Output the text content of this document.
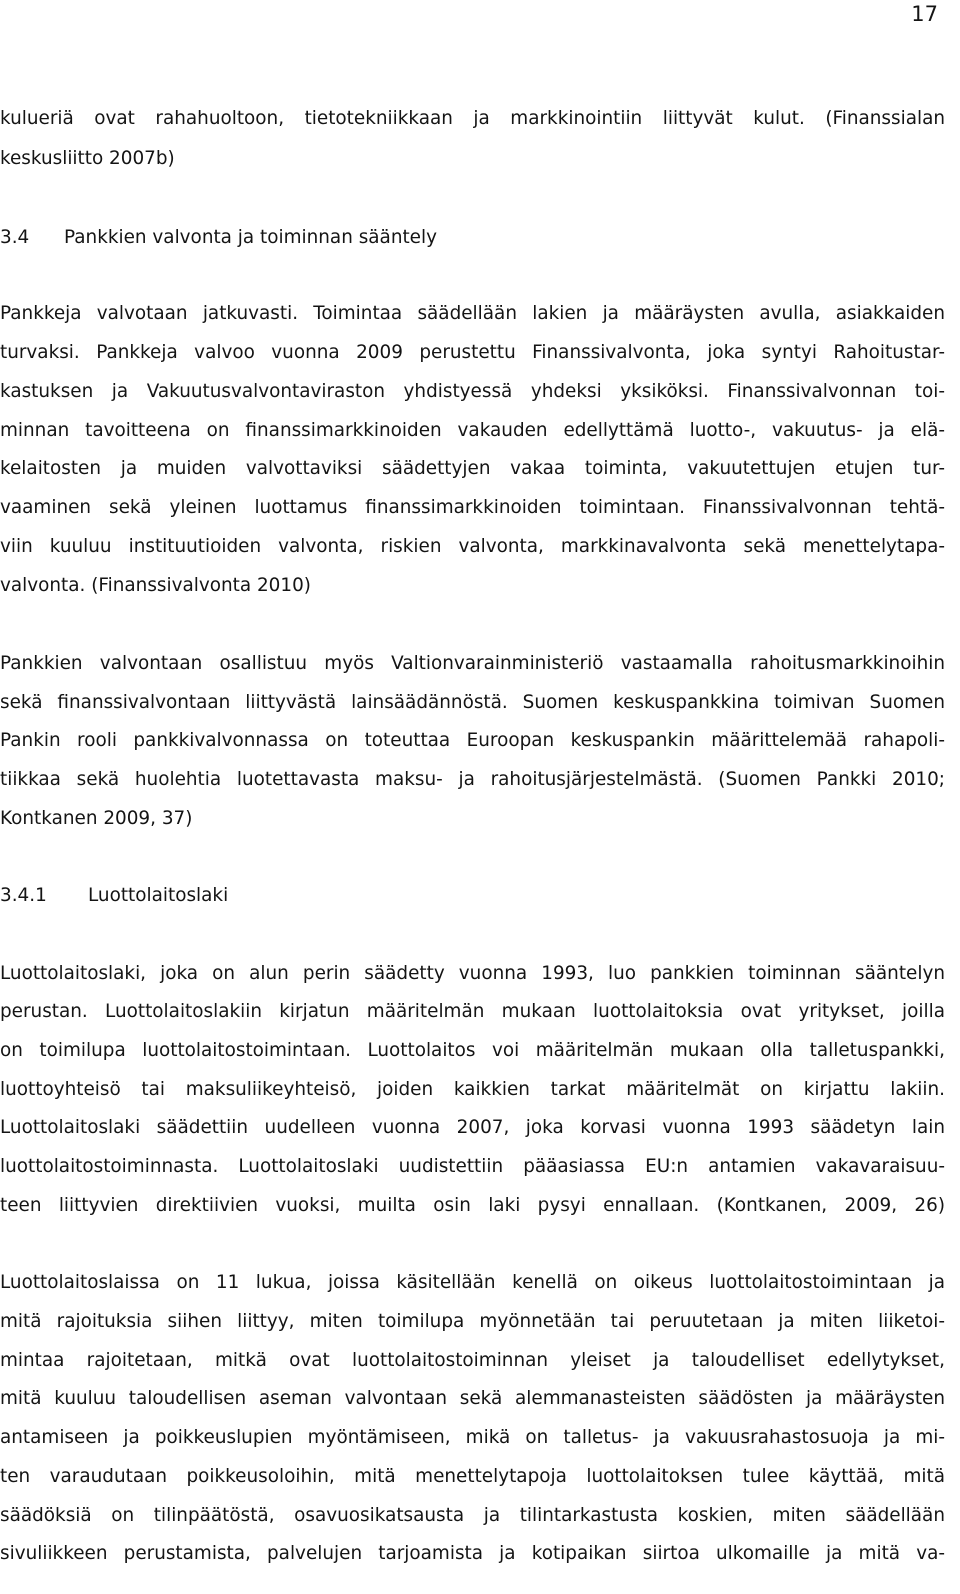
17

kulueriä ovat rahahuoltoon, tietotekniikkaan ja markkinointiin liittyvät kulut. (Finanssialan

keskusliitto 2007b)

3.4 Pankkien valvonta ja toiminnan sääntely

Pankkeja valvotaan jatkuvasti. Toimintaa säädellään lakien ja määräysten avulla, asiakkaiden

turvaksi. Pankkeja valvoo vuonna 2009 perustettu Finanssivalvonta, joka syntyi Rahoitustar-

kastuksen ja Vakuutusvalvontaviraston yhdistyessä yhdeksi yksiköksi. Finanssivalvonnan toi-

minnan tavoitteena on finanssimarkkinoiden vakauden edellyttämä luotto-, vakuutus- ja elä-

kelaitosten ja muiden valvottaviksi säädettyjen vakaa toiminta, vakuutettujen etujen tur-

vaaminen sekä yleinen luottamus finanssimarkkinoiden toimintaan. Finanssivalvonnan tehtä-

viin kuuluu instituutioiden valvonta, riskien valvonta, markkinavalvonta sekä menettelytapa-

valvonta. (Finanssivalvonta 2010)

Pankkien valvontaan osallistuu myös Valtionvarainministeriö vastaamalla rahoitusmarkkinoihin

sekä finanssivalvontaan liittyvästä lainsäädännöstä. Suomen keskuspankkina toimivan Suomen

Pankin rooli pankkivalvonnassa on toteuttaa Euroopan keskuspankin määrittelemää rahapoli-

tiikkaa sekä huolehtia luotettavasta maksu- ja rahoitusjärjestelmästä. (Suomen Pankki 2010;

Kontkanen 2009, 37)

3.4.1 Luottolaitoslaki

Luottolaitoslaki, joka on alun perin säädetty vuonna 1993, luo pankkien toiminnan sääntelyn

perustan. Luottolaitoslakiin kirjatun määritelmän mukaan luottolaitoksia ovat yritykset, joilla

on toimilupa luottolaitostoimintaan. Luottolaitos voi määritelmän mukaan olla talletuspankki,

luottoyhteisö tai maksuliikeyhteisö, joiden kaikkien tarkat määritelmät on kirjattu lakiin.

Luottolaitoslaki säädettiin uudelleen vuonna 2007, joka korvasi vuonna 1993 säädetyn lain

luottolaitostoiminnasta. Luottolaitoslaki uudistettiin pääasiassa EU:n antamien vakavaraisuu-

teen liittyvien direktiivien vuoksi, muilta osin laki pysyi ennallaan. (Kontkanen, 2009, 26)

Luottolaitoslaissa on 11 lukua, joissa käsitellään kenellä on oikeus luottolaitostoimintaan ja

mitä rajoituksia siihen liittyy, miten toimilupa myönnetään tai peruutetaan ja miten liiketoi-

mintaa rajoitetaan, mitkä ovat luottolaitostoiminnan yleiset ja taloudelliset edellytykset,

mitä kuuluu taloudellisen aseman valvontaan sekä alemmanasteisten säädösten ja määräysten

antamiseen ja poikkeuslupien myöntämiseen, mikä on talletus- ja vakuusrahastosuoja ja mi-

ten varaudutaan poikkeusoloihin, mitä menettelytapoja luottolaitoksen tulee käyttää, mitä

säädöksiä on tilinpäätöstä, osavuosikatsausta ja tilintarkastusta koskien, miten säädellään

sivuliikkeen perustamista, palvelujen tarjoamista ja kotipaikan siirtoa ulkomaille ja mitä va-
